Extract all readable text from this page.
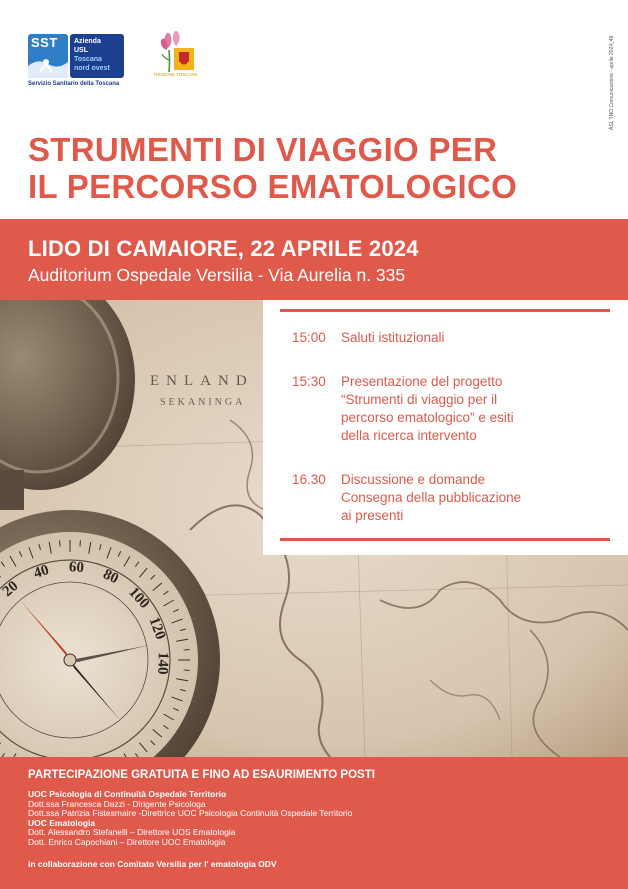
SST Azienda
USL
Toscana
nord ovest
Servizio Sanitario della Toscana
REGIONE TOSCANA	ASL TNO Comunicazione - aprile 2024_48
STRUMENTI DI VIAGGIO PER
IL PERCORSO EMATOLOGICO
LIDO DI CAMAIORE, 22 APRILE 2024
Auditorium Ospedale Versilia - Via Aurelia n. 335
ENLAND
SEKANINGA
20
40 60 80
100
120
140
15:00	Saluti istituzionali
15:30	Presentazione del progetto
“Strumenti di viaggio per il
percorso ematologico” e esiti
della ricerca intervento
16.30	Discussione e domande
Consegna della pubblicazione
ai presenti
PARTECIPAZIONE GRATUITA E FINO AD ESAURIMENTO POSTI
UOC Psicologia di Continuità Ospedale Territorio
Dott.ssa Francesca Dazzi - Dirigente Psicologa
Dott.ssa Patrizia Fistesmaire -Direttrice UOC Psicologia Continuità Ospedale Territorio
UOC Ematologia
Dott. Alessandro Stefanelli – Direttore UOS Ematologia
Dott. Enrico Capochiani – Direttore UOC Ematologia
in collaborazione con Comitato Versilia per l' ematologia ODV
